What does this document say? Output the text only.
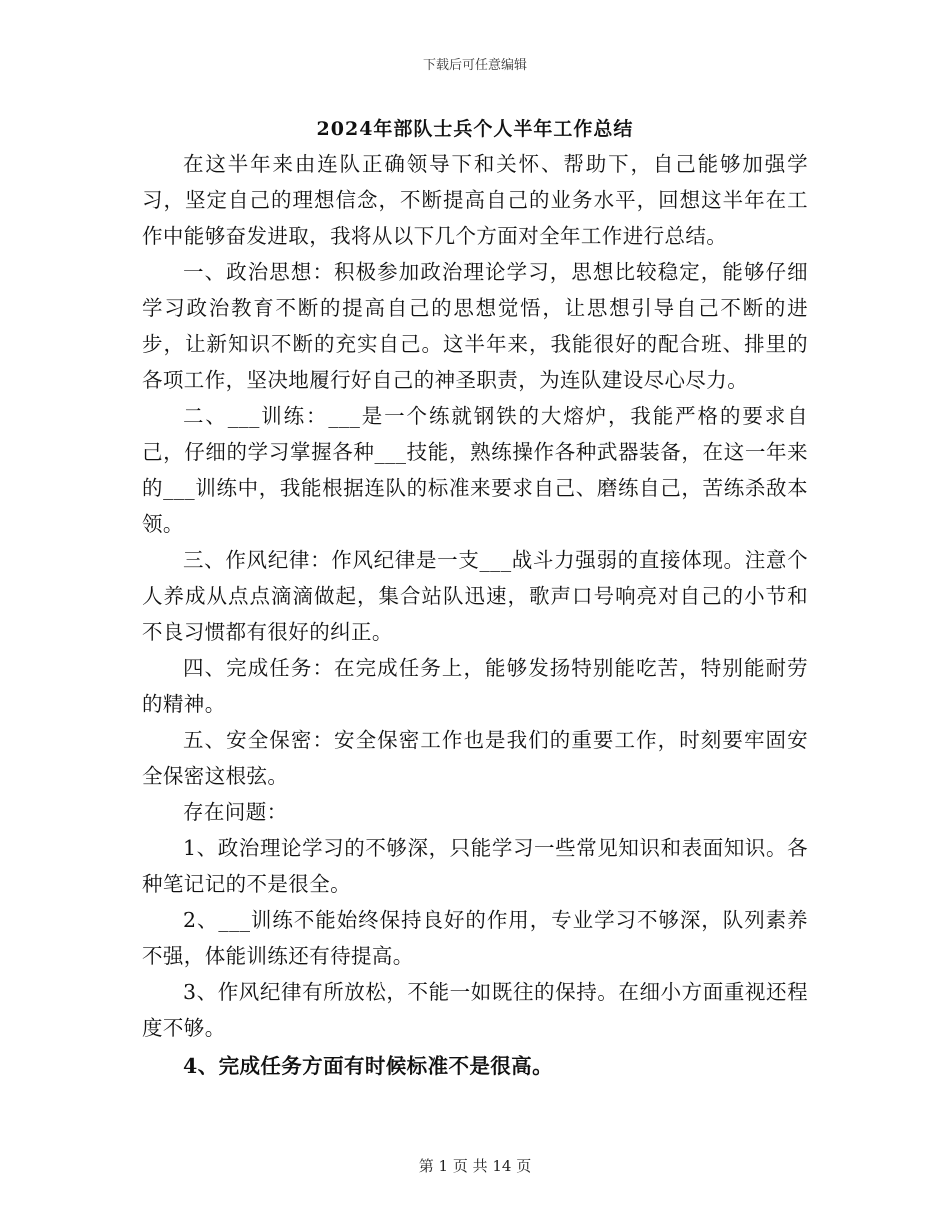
下载后可任意编辑
2024年部队士兵个人半年工作总结

在这半年来由连队正确领导下和关怀、帮助下，自己能够加强学习，坚定自己的理想信念，不断提高自己的业务水平，回想这半年在工作中能够奋发进取，我将从以下几个方面对全年工作进行总结。

一、政治思想：积极参加政治理论学习，思想比较稳定，能够仔细学习政治教育不断的提高自己的思想觉悟，让思想引导自己不断的进步，让新知识不断的充实自己。这半年来，我能很好的配合班、排里的各项工作，坚决地履行好自己的神圣职责，为连队建设尽心尽力。

二、___训练：___是一个练就钢铁的大熔炉，我能严格的要求自己，仔细的学习掌握各种___技能，熟练操作各种武器装备，在这一年来的___训练中，我能根据连队的标准来要求自己、磨练自己，苦练杀敌本领。

三、作风纪律：作风纪律是一支___战斗力强弱的直接体现。注意个人养成从点点滴滴做起，集合站队迅速，歌声口号响亮对自己的小节和不良习惯都有很好的纠正。

四、完成任务：在完成任务上，能够发扬特别能吃苦，特别能耐劳的精神。

五、安全保密：安全保密工作也是我们的重要工作，时刻要牢固安全保密这根弦。

存在问题：

1、政治理论学习的不够深，只能学习一些常见知识和表面知识。各种笔记记的不是很全。

2、___训练不能始终保持良好的作用，专业学习不够深，队列素养不强，体能训练还有待提高。

3、作风纪律有所放松，不能一如既往的保持。在细小方面重视还程度不够。

4、完成任务方面有时候标准不是很高。

第 1 页 共 14 页
